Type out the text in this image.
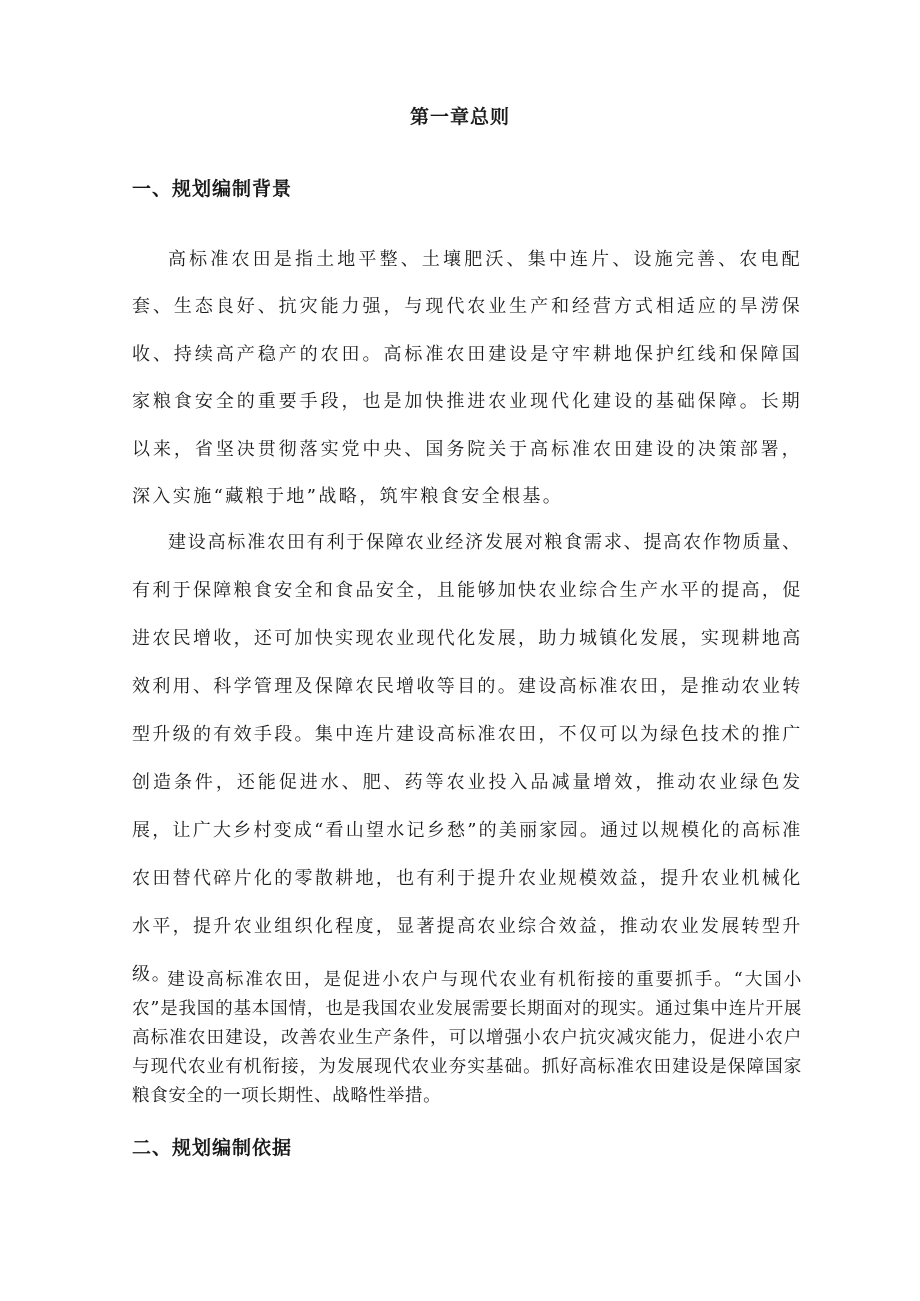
第一章总则
一、规划编制背景

高标准农田是指土地平整、土壤肥沃、集中连片、设施完善、农电配套、生态良好、抗灾能力强，与现代农业生产和经营方式相适应的旱涝保收、持续高产稳产的农田。高标准农田建设是守牢耕地保护红线和保障国家粮食安全的重要手段，也是加快推进农业现代化建设的基础保障。长期以来，省坚决贯彻落实党中央、国务院关于高标准农田建设的决策部署，深入实施“藏粮于地”战略，筑牢粮食安全根基。

建设高标准农田有利于保障农业经济发展对粮食需求、提高农作物质量、有利于保障粮食安全和食品安全，且能够加快农业综合生产水平的提高，促进农民增收，还可加快实现农业现代化发展，助力城镇化发展，实现耕地高效利用、科学管理及保障农民增收等目的。建设高标准农田，是推动农业转型升级的有效手段。集中连片建设高标准农田，不仅可以为绿色技术的推广创造条件，还能促进水、肥、药等农业投入品减量增效，推动农业绿色发展，让广大乡村变成“看山望水记乡愁”的美丽家园。通过以规模化的高标准农田替代碎片化的零散耕地，也有利于提升农业规模效益，提升农业机械化水平，提升农业组织化程度，显著提高农业综合效益，推动农业发展转型升级。

建设高标准农田，是促进小农户与现代农业有机衔接的重要抓手。“大国小农”是我国的基本国情，也是我国农业发展需要长期面对的现实。通过集中连片开展高标准农田建设，改善农业生产条件，可以增强小农户抗灾减灾能力，促进小农户与现代农业有机衔接，为发展现代农业夯实基础。抓好高标准农田建设是保障国家粮食安全的一项长期性、战略性举措。

二、规划编制依据
